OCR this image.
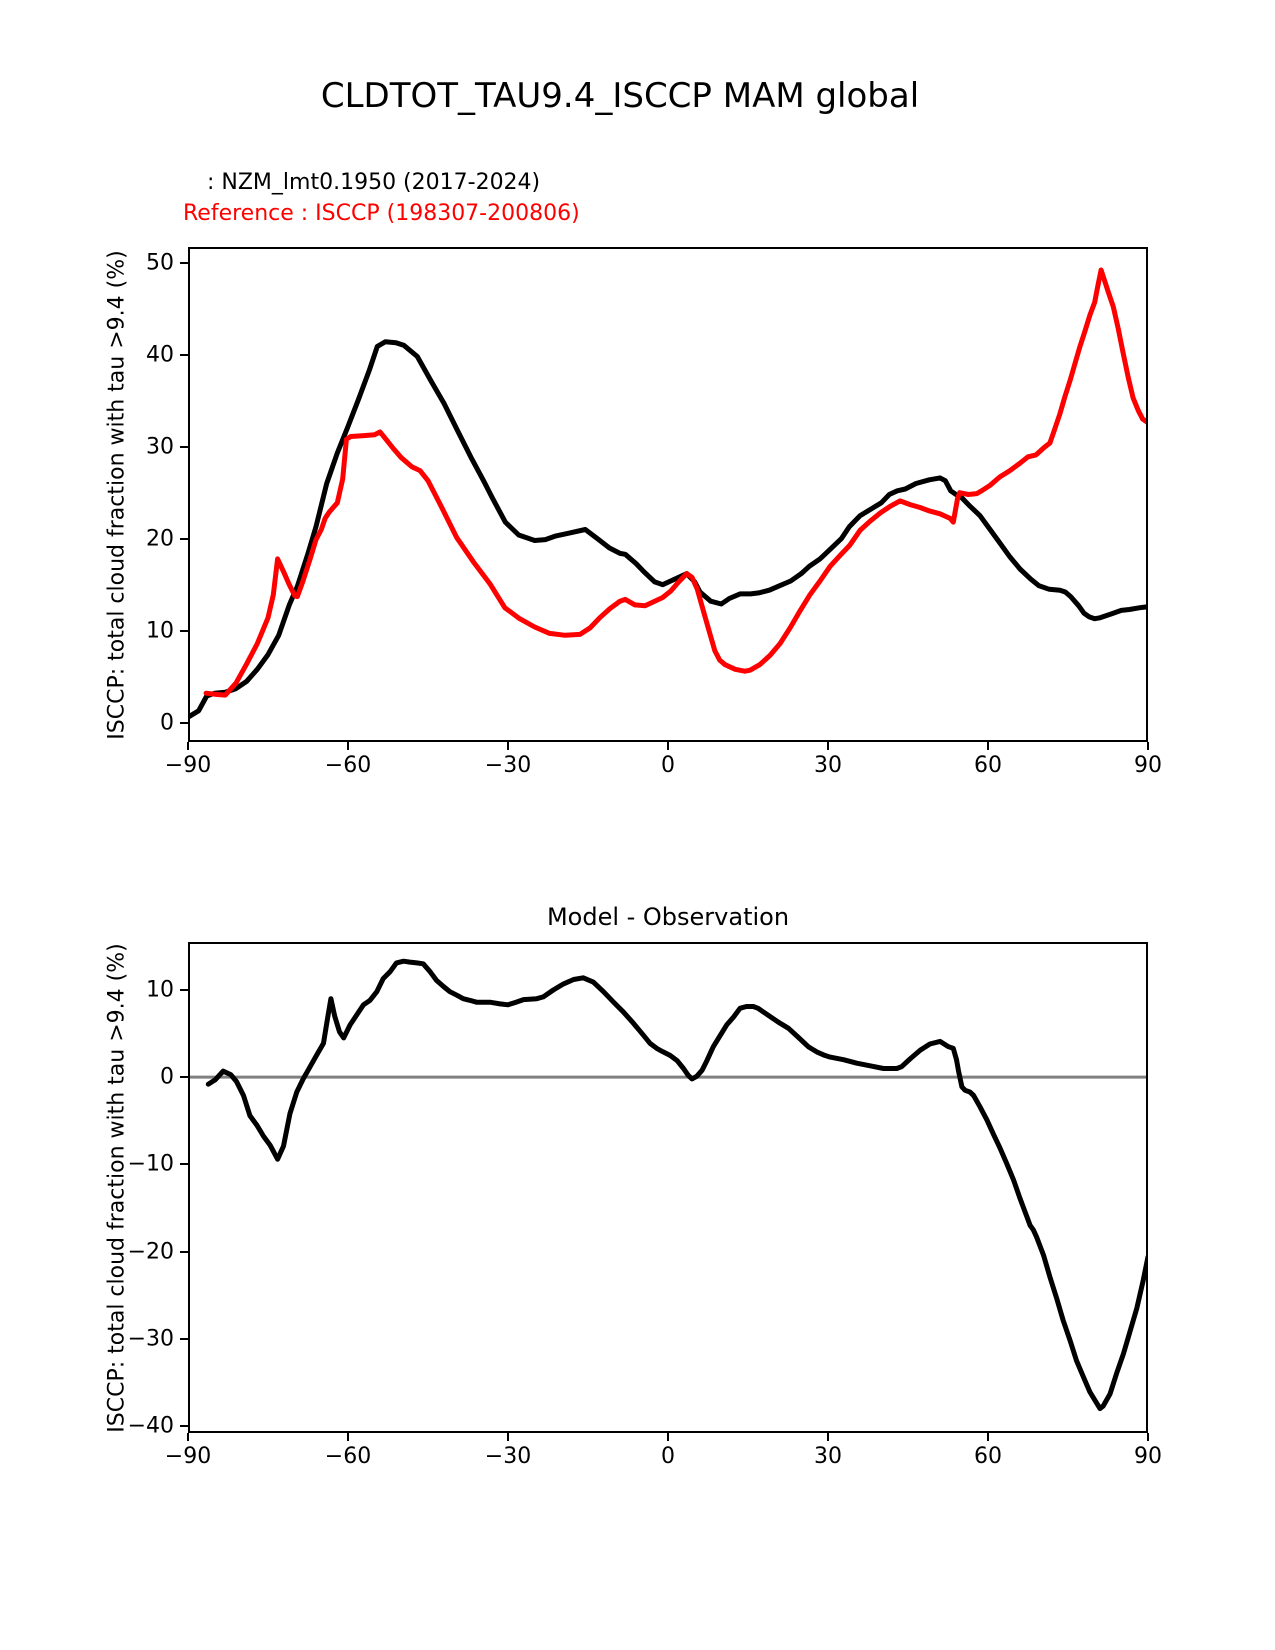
CLDTOT_TAU9.4_ISCCP MAM global
: NZM_lmt0.1950 (2017-2024)
Reference : ISCCP (198307-200806)
ISCCP: total cloud fraction with tau >9.4 (%)
ISCCP: total cloud fraction with tau >9.4 (%)
Model - Observation
−90	−60	−30	0	30	60	90
0
10
20
30
40
50
−90	−60	−30	0	30	60	90
10
0
−10
−20
−30
−40
